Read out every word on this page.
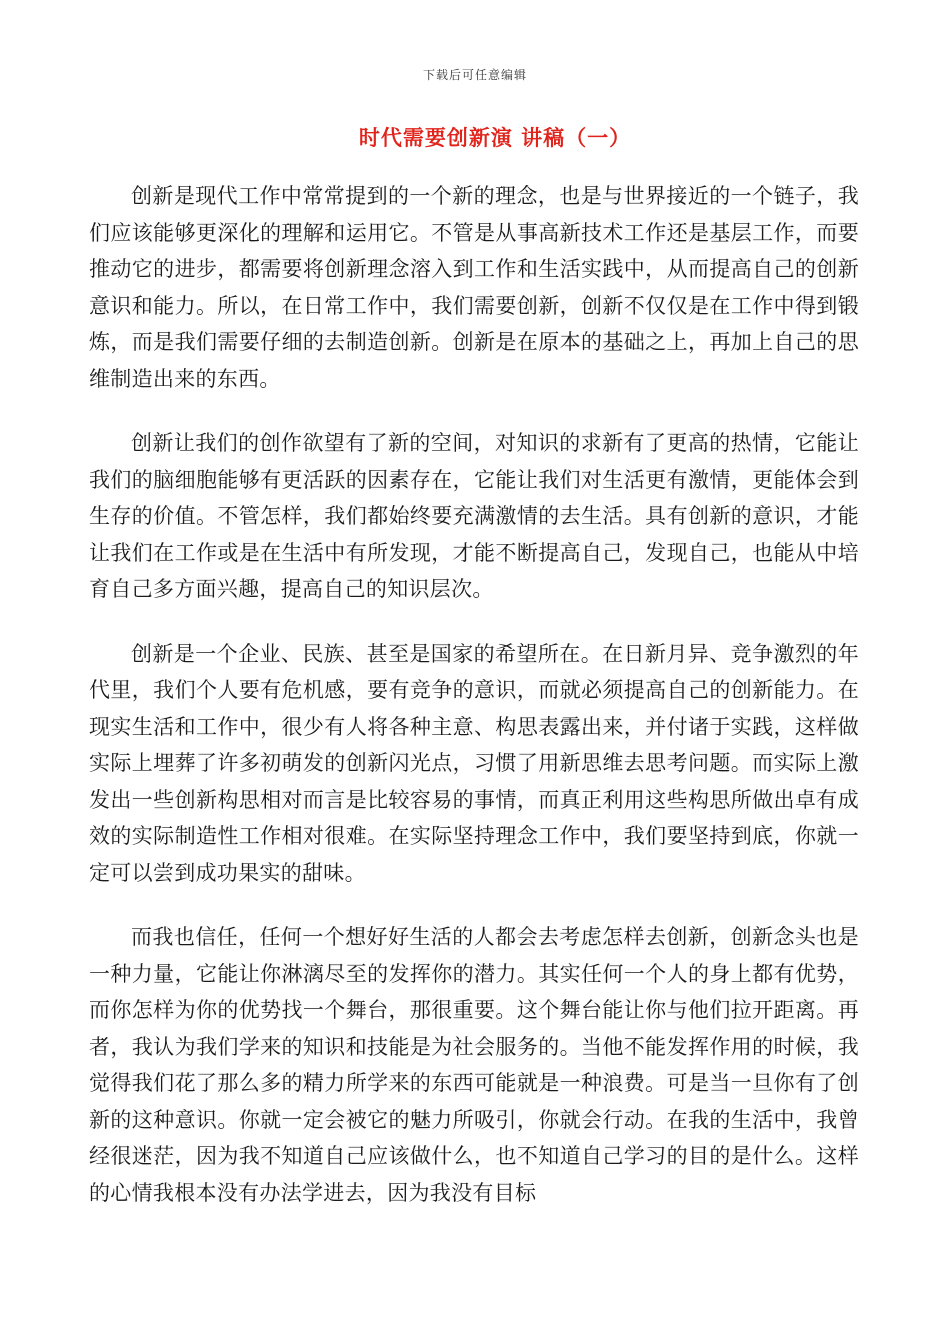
下载后可任意编辑
时代需要创新演 讲稿（一）

创新是现代工作中常常提到的一个新的理念，也是与世界接近的一个链子，我们应该能够更深化的理解和运用它。不管是从事高新技术工作还是基层工作，而要推动它的进步，都需要将创新理念溶入到工作和生活实践中，从而提高自己的创新意识和能力。所以，在日常工作中，我们需要创新，创新不仅仅是在工作中得到锻炼，而是我们需要仔细的去制造创新。创新是在原本的基础之上，再加上自己的思维制造出来的东西。

创新让我们的创作欲望有了新的空间，对知识的求新有了更高的热情，它能让我们的脑细胞能够有更活跃的因素存在，它能让我们对生活更有激情，更能体会到生存的价值。不管怎样，我们都始终要充满激情的去生活。具有创新的意识，才能让我们在工作或是在生活中有所发现，才能不断提高自己，发现自己，也能从中培育自己多方面兴趣，提高自己的知识层次。

创新是一个企业、民族、甚至是国家的希望所在。在日新月异、竞争激烈的年代里，我们个人要有危机感，要有竞争的意识，而就必须提高自己的创新能力。在现实生活和工作中，很少有人将各种主意、构思表露出来，并付诸于实践，这样做实际上埋葬了许多初萌发的创新闪光点，习惯了用新思维去思考问题。而实际上激发出一些创新构思相对而言是比较容易的事情，而真正利用这些构思所做出卓有成效的实际制造性工作相对很难。在实际坚持理念工作中，我们要坚持到底，你就一定可以尝到成功果实的甜味。

而我也信任，任何一个想好好生活的人都会去考虑怎样去创新，创新念头也是一种力量，它能让你淋漓尽至的发挥你的潜力。其实任何一个人的身上都有优势，而你怎样为你的优势找一个舞台，那很重要。这个舞台能让你与他们拉开距离。再者，我认为我们学来的知识和技能是为社会服务的。当他不能发挥作用的时候，我觉得我们花了那么多的精力所学来的东西可能就是一种浪费。可是当一旦你有了创新的这种意识。你就一定会被它的魅力所吸引，你就会行动。在我的生活中，我曾经很迷茫，因为我不知道自己应该做什么，也不知道自己学习的目的是什么。这样的心情我根本没有办法学进去，因为我没有目标
